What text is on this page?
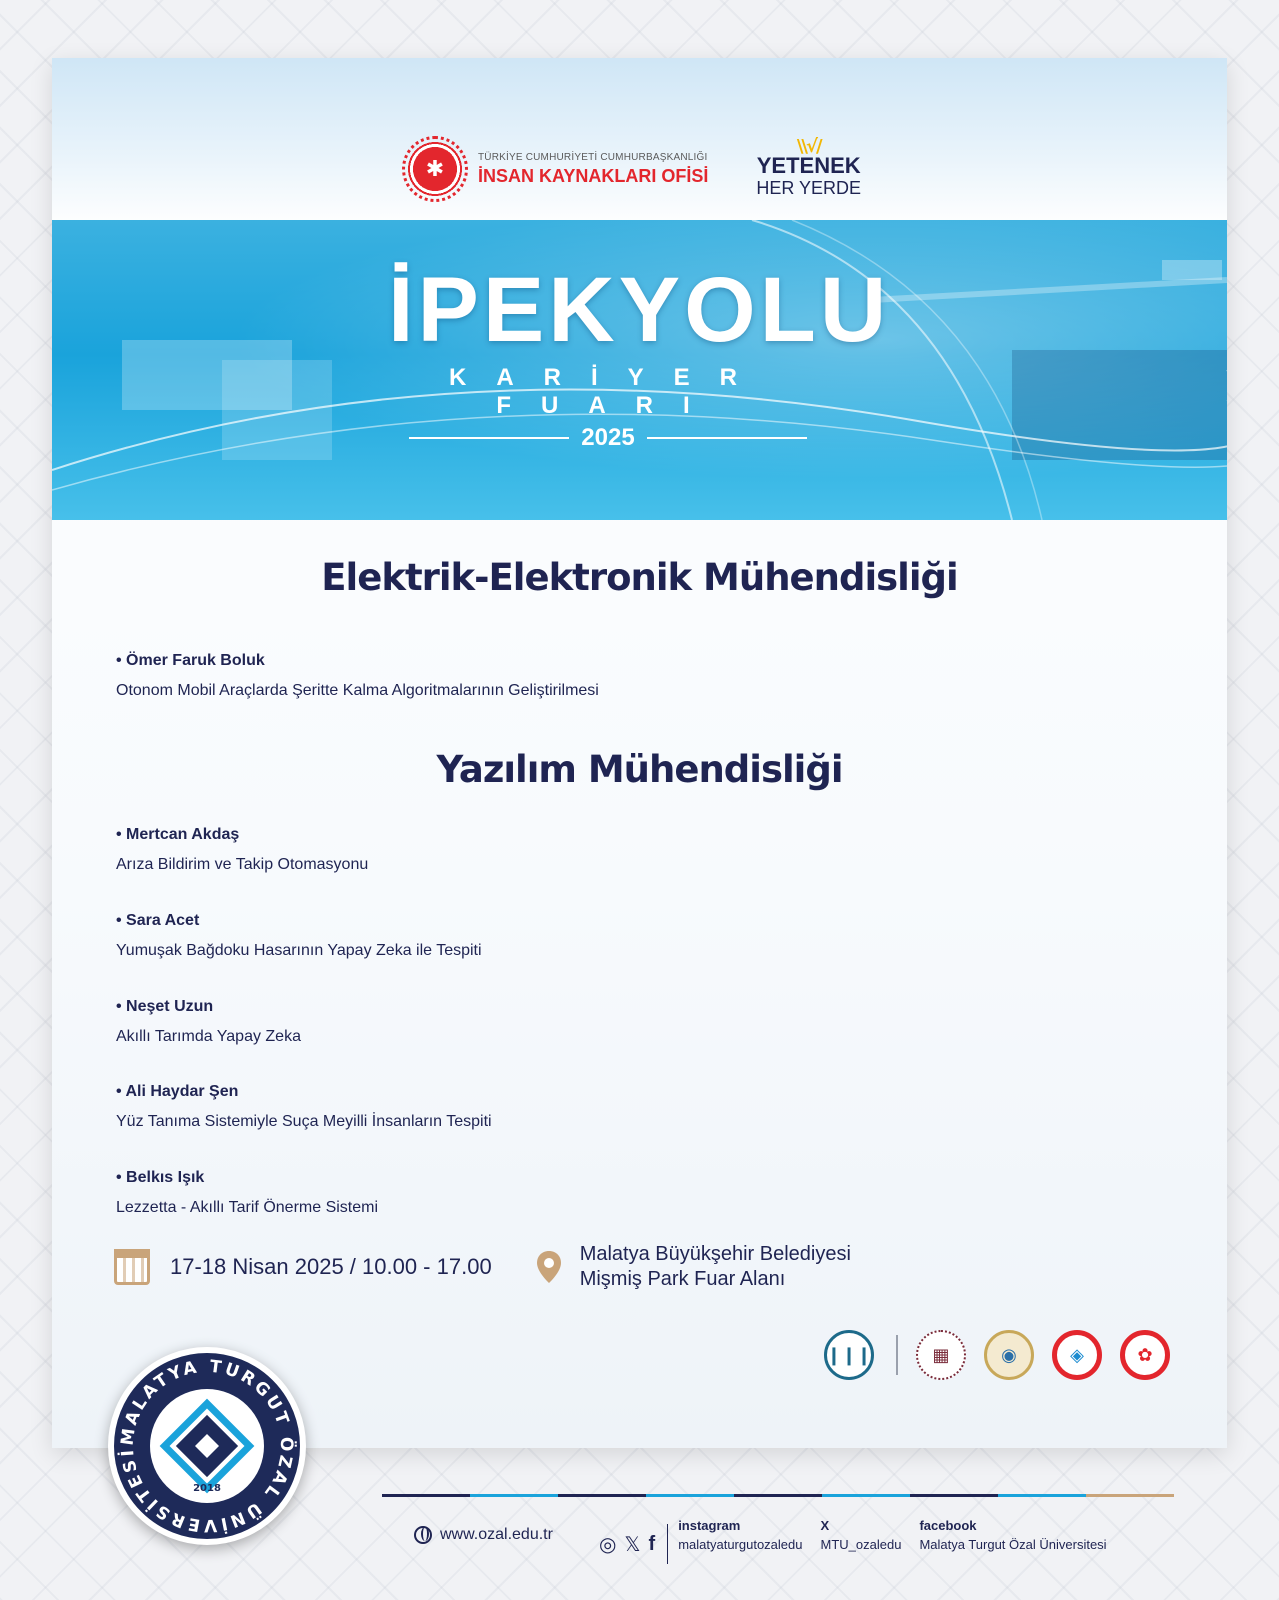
✱	TÜRKİYE CUMHURİYETİ CUMHURBAŞKANLIĞI
İNSAN KAYNAKLARI OFİSİ
\\√/
YETENEK
HER YERDE
İPEKYOLU
KARİYER FUARI
2025
Elektrik-Elektronik Mühendisliği
• Ömer Faruk Boluk
Otonom Mobil Araçlarda Şeritte Kalma Algoritmalarının Geliştirilmesi
Yazılım Mühendisliği
• Mertcan Akdaş
Arıza Bildirim ve Takip Otomasyonu
• Sara Acet
Yumuşak Bağdoku Hasarının Yapay Zeka ile Tespiti
• Neşet Uzun
Akıllı Tarımda Yapay Zeka
• Ali Haydar Şen
Yüz Tanıma Sistemiyle Suça Meyilli İnsanların Tespiti
• Belkıs Işık
Lezzetta - Akıllı Tarif Önerme Sistemi
17-18 Nisan 2025 / 10.00 - 17.00	Malatya Büyükşehir Belediyesi
Mişmiş Park Fuar Alanı
❙❙❙	▦	◉	◈	✿
MALATYA TURGUT ÖZAL ÜNİVERSİTESİ
2018
www.ozal.edu.tr ◎ 𝕏 f
instagram
malatyaturgutozaledu
X
MTU_ozaledu
facebook
Malatya Turgut Özal Üniversitesi
